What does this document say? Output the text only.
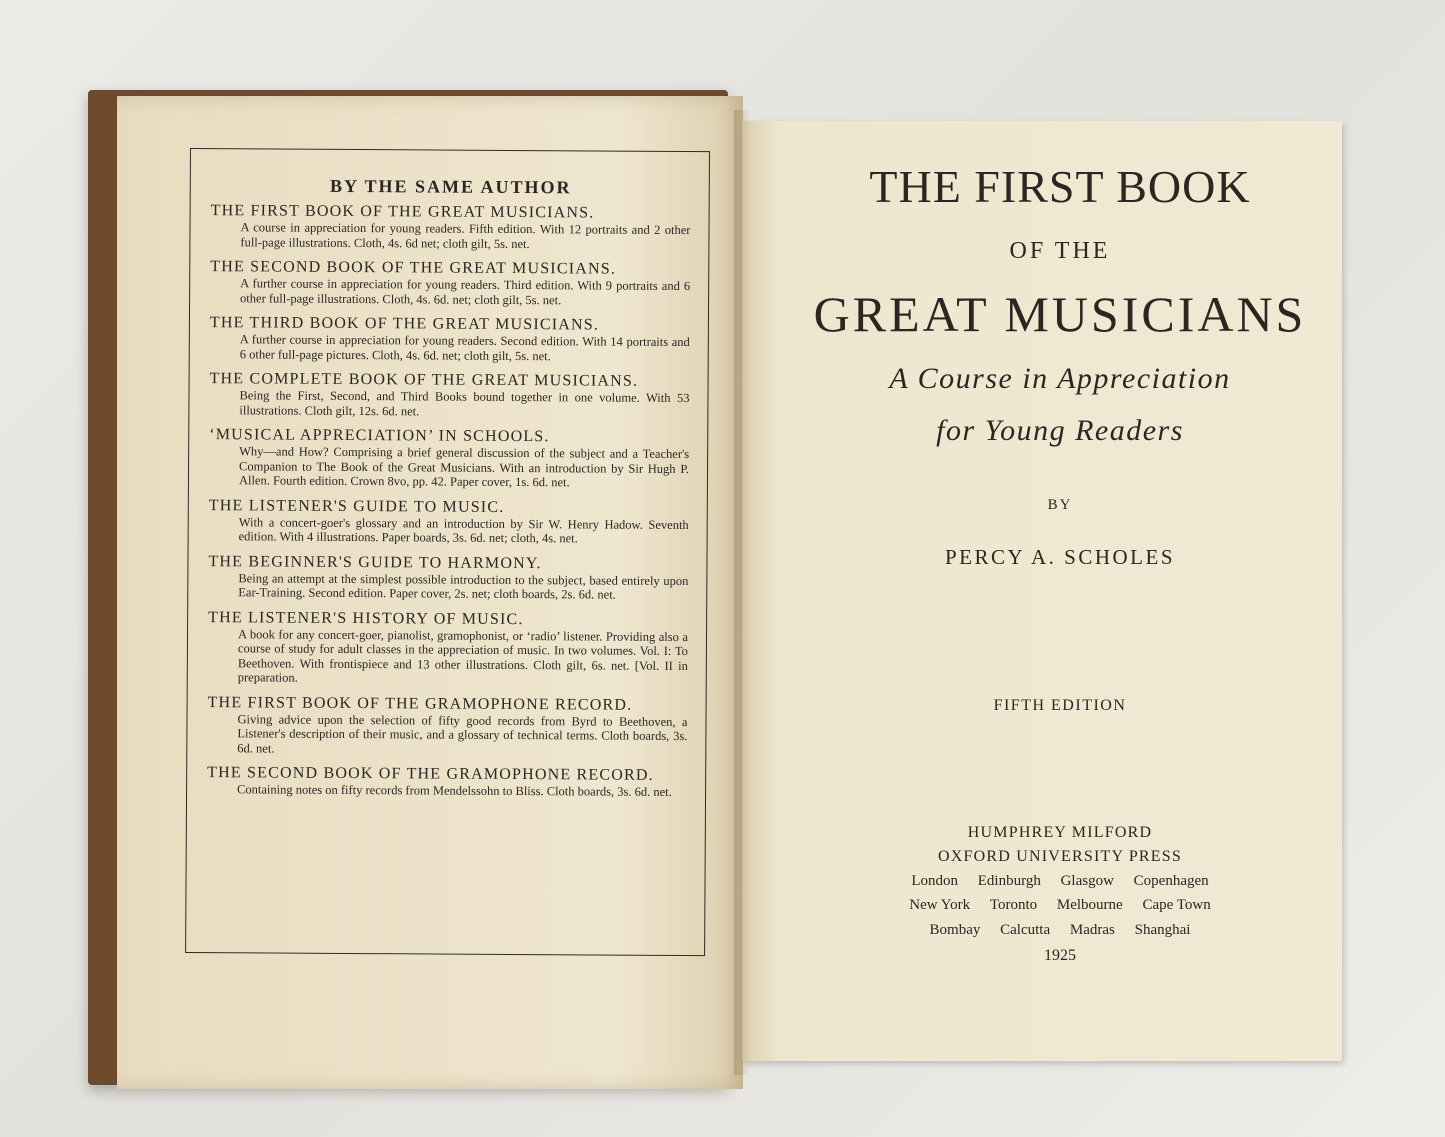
BY THE SAME AUTHOR
THE FIRST BOOK OF THE GREAT MUSICIANS.
A course in appreciation for young readers. Fifth edition. With 12 portraits and 2 other full-page illustrations. Cloth, 4s. 6d net; cloth gilt, 5s. net.
THE SECOND BOOK OF THE GREAT MUSICIANS.
A further course in appreciation for young readers. Third edition. With 9 portraits and 6 other full-page illustrations. Cloth, 4s. 6d. net; cloth gilt, 5s. net.
THE THIRD BOOK OF THE GREAT MUSICIANS.
A further course in appreciation for young readers. Second edition. With 14 portraits and 6 other full-page pictures. Cloth, 4s. 6d. net; cloth gilt, 5s. net.
THE COMPLETE BOOK OF THE GREAT MUSICIANS.
Being the First, Second, and Third Books bound together in one volume. With 53 illustrations. Cloth gilt, 12s. 6d. net.
‘MUSICAL APPRECIATION’ IN SCHOOLS.
Why—and How? Comprising a brief general discussion of the subject and a Teacher's Companion to The Book of the Great Musicians. With an introduction by Sir Hugh P. Allen. Fourth edition. Crown 8vo, pp. 42. Paper cover, 1s. 6d. net.
THE LISTENER'S GUIDE TO MUSIC.
With a concert-goer's glossary and an introduction by Sir W. Henry Hadow. Seventh edition. With 4 illustrations. Paper boards, 3s. 6d. net; cloth, 4s. net.
THE BEGINNER'S GUIDE TO HARMONY.
Being an attempt at the simplest possible introduction to the subject, based entirely upon Ear-Training. Second edition. Paper cover, 2s. net; cloth boards, 2s. 6d. net.
THE LISTENER'S HISTORY OF MUSIC.
A book for any concert-goer, pianolist, gramophonist, or ‘radio’ listener. Providing also a course of study for adult classes in the appreciation of music. In two volumes. Vol. I: To Beethoven. With frontispiece and 13 other illustrations. Cloth gilt, 6s. net. [Vol. II in preparation.
THE FIRST BOOK OF THE GRAMOPHONE RECORD.
Giving advice upon the selection of fifty good records from Byrd to Beethoven, a Listener's description of their music, and a glossary of technical terms. Cloth boards, 3s. 6d. net.
THE SECOND BOOK OF THE GRAMOPHONE RECORD.
Containing notes on fifty records from Mendelssohn to Bliss. Cloth boards, 3s. 6d. net.
THE FIRST BOOK
OF THE
GREAT MUSICIANS
A Course in Appreciation
for Young Readers
BY
PERCY A. SCHOLES
FIFTH EDITION
HUMPHREY MILFORD
OXFORD UNIVERSITY PRESS
London Edinburgh Glasgow Copenhagen
New York Toronto Melbourne Cape Town
Bombay Calcutta Madras Shanghai
1925
